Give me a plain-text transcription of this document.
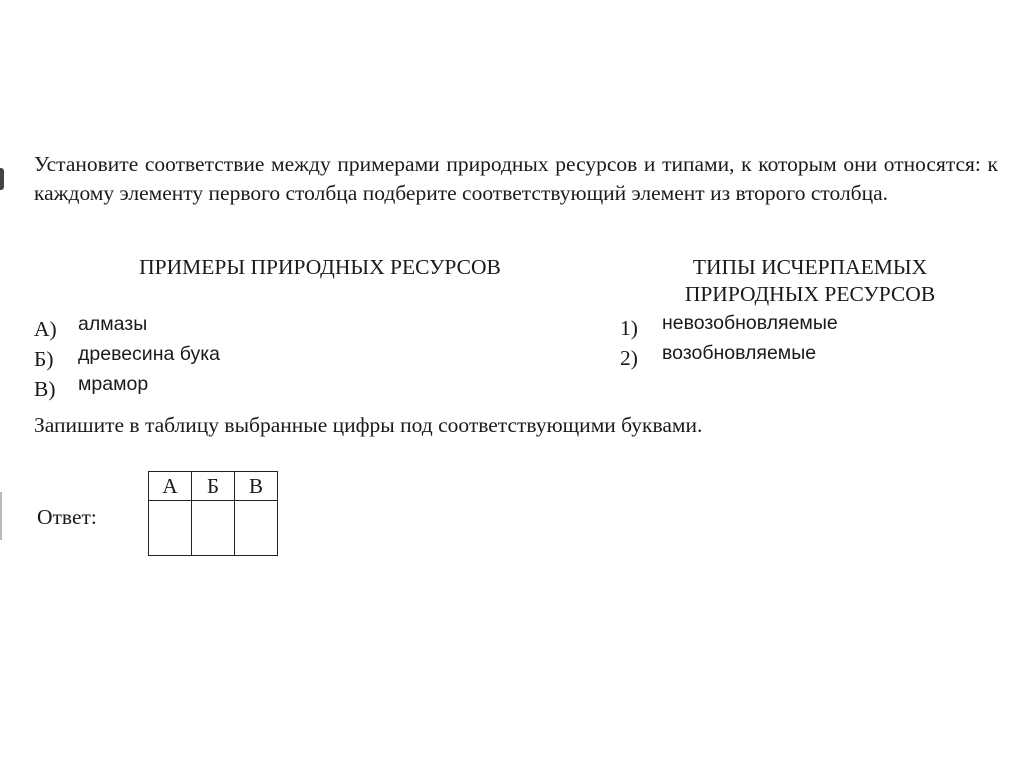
Установите соответствие между примерами природных ресурсов и типами, к которым они относятся: к каждому элементу первого столбца подберите соответствующий элемент из второго столбца.

ПРИМЕРЫ ПРИРОДНЫХ РЕСУРСОВ	ТИПЫ ИСЧЕРПАЕМЫХ
ПРИРОДНЫХ РЕСУРСОВ

А) алмазы
Б) древесина бука
В) мрамор
1) невозобновляемые
2) возобновляемые

Запишите в таблицу выбранные цифры под соответствующими буквами.

Ответ:
А	Б	В
